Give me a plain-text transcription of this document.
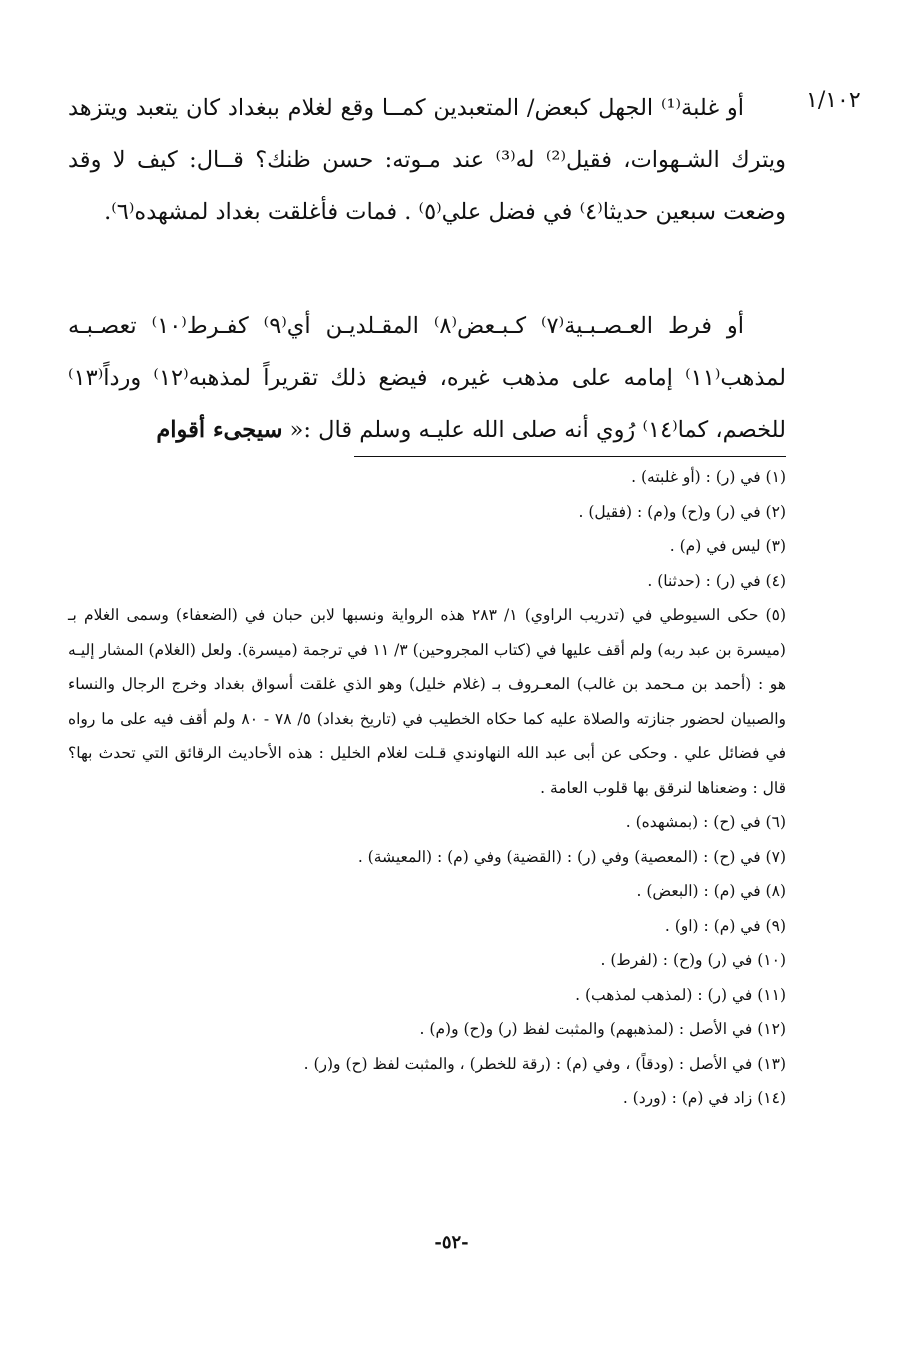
١/١٠٢

أو غلبة⁽¹⁾ الجهل كبعض/ المتعبدين كمــا وقع لغلام ببغداد كان يتعبد ويتزهد ويترك الشـهوات، فقيل⁽²⁾ له⁽³⁾ عند مـوته: حسن ظنك؟ قــال: كيف لا وقد وضعت سبعين حديثا⁽٤⁾ في فضل علي⁽٥⁾ . فمات فأغلقت بغداد لمشهده⁽٦⁾.

أو فرط العـصـبـية⁽٧⁾ كـبـعض⁽٨⁾ المقـلديـن أي⁽٩⁾ كفـرط⁽١٠⁾ تعصـبـه لمذهب⁽١١⁾ إمامه على مذهب غيره، فيضع ذلك تقريراً لمذهبه⁽١٢⁾ ورداً⁽١٣⁾ للخصم، كما⁽١٤⁾ رُوي أنه صلى الله عليـه وسلم قال :« سيجىء أقوام

(١) في (ر) : (أو غلبته) .

(٢) في (ر) و(ح) و(م) : (فقيل) .

(٣) ليس في (م) .

(٤) في (ر) : (حدثنا) .

(٥) حكى السيوطي في (تدريب الراوي) ١/ ٢٨٣ هذه الرواية ونسبها لابن حبان في (الضعفاء) وسمى الغلام بـ (ميسرة بن عبد ربه) ولم أقف عليها في (كتاب المجروحين) ٣/ ١١ في ترجمة (ميسرة). ولعل (الغلام) المشار إليـه هو : (أحمد بن مـحمد بن غالب) المعـروف بـ (غلام خليل) وهو الذي غلقت أسواق بغداد وخرج الرجال والنساء والصبيان لحضور جنازته والصلاة عليه كما حكاه الخطيب في (تاريخ بغداد) ٥/ ٧٨ - ٨٠ ولم أقف فيه على ما رواه في فضائل علي . وحكى عن أبى عبد الله النهاوندي قـلت لغلام الخليل : هذه الأحاديث الرقائق التي تحدث بها؟ قال : وضعناها لنرقق بها قلوب العامة .

(٦) في (ح) : (بمشهده) .

(٧) في (ح) : (المعصية) وفي (ر) : (القضية) وفي (م) : (المعيشة) .

(٨) في (م) : (البعض) .

(٩) في (م) : (او) .

(١٠) في (ر) و(ح) : (لفرط) .

(١١) في (ر) : (لمذهب لمذهب) .

(١٢) في الأصل : (لمذهبهم) والمثبت لفظ (ر) و(ح) و(م) .

(١٣) في الأصل : (ودقاً) ، وفي (م) : (رقة للخطر) ، والمثبت لفظ (ح) و(ر) .

(١٤) زاد في (م) : (ورد) .

-٥٢-
